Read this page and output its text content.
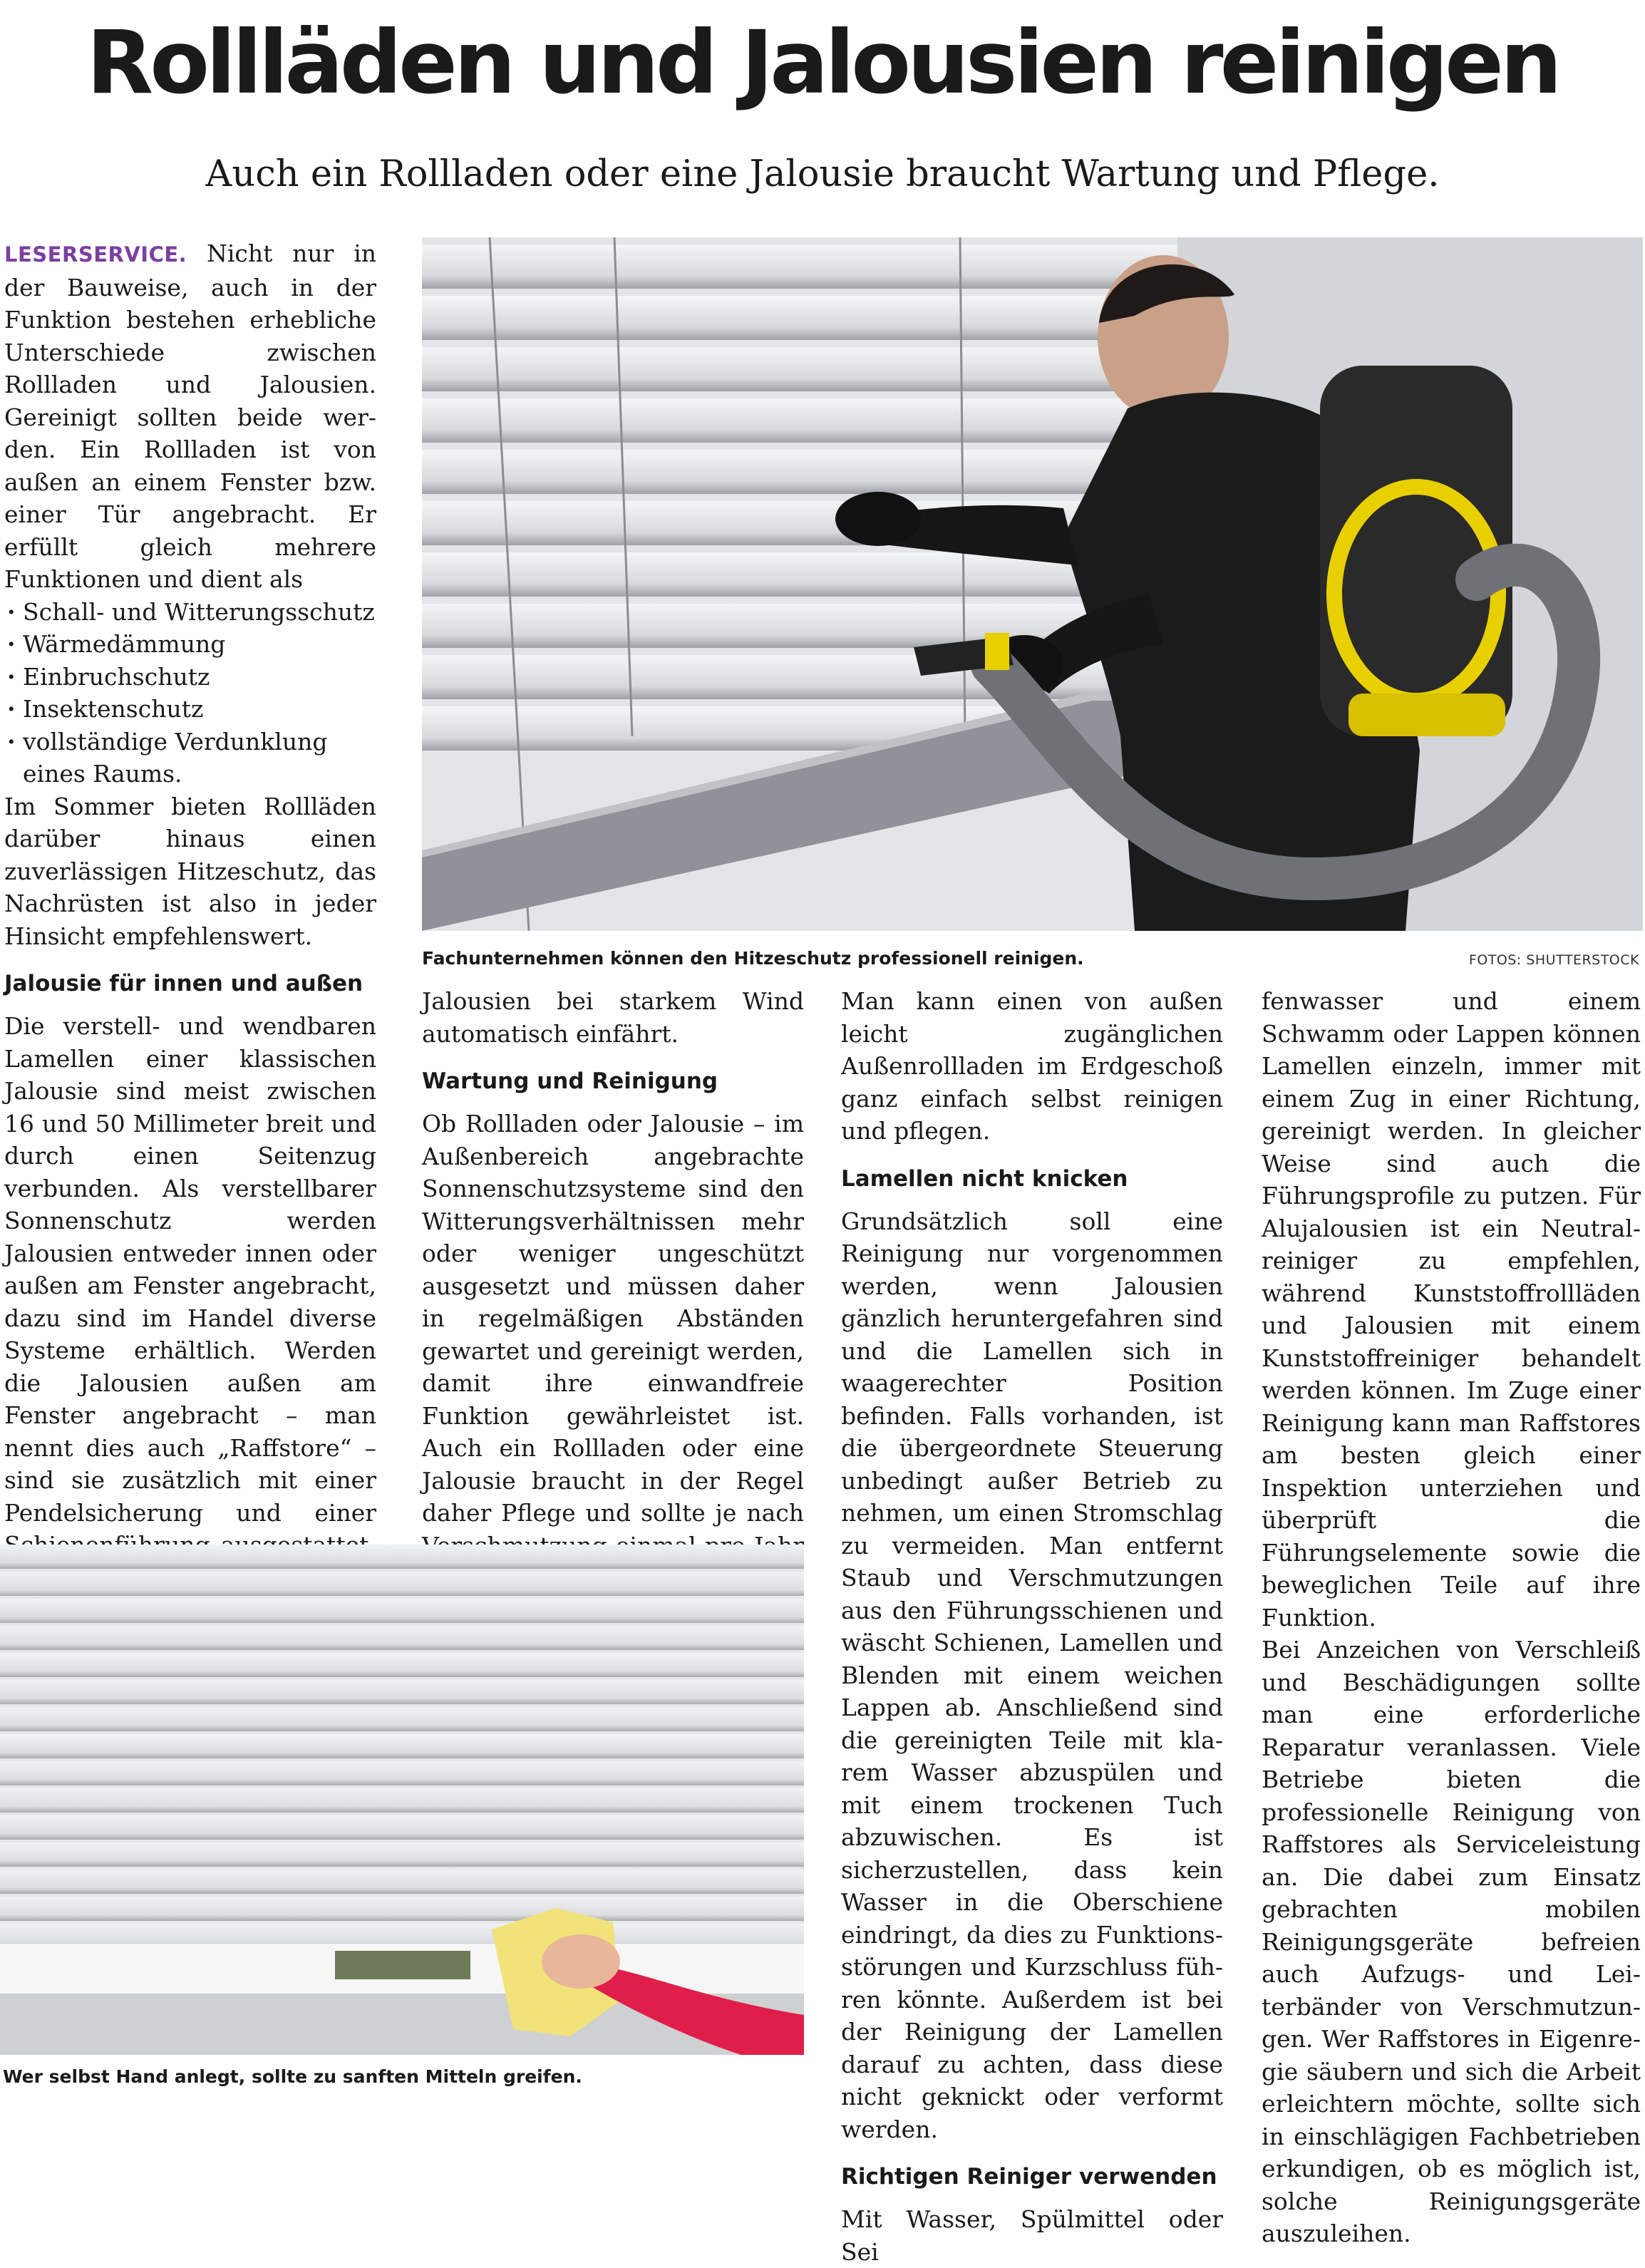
Rollläden und Jalousien reinigen
Auch ein Rollladen oder eine Jalousie braucht Wartung und Pflege.

LESERSERVICE. Nicht nur in der Bauweise, auch in der Funktion bestehen erhebliche Unterschiede zwischen Rollladen und Jalousien. Gereinigt sollten beide werden. Ein Rollladen ist von außen an einem Fenster bzw. einer Tür angebracht. Er erfüllt gleich mehrere Funktionen und dient als

· Schall- und Witterungsschutz
· Wärmedämmung
· Einbruchschutz
· Insektenschutz
· vollständige Verdunklung eines Raums.

Im Sommer bieten Rollläden darüber hinaus einen zuverlässigen Hitzeschutz, das Nachrüsten ist also in jeder Hinsicht empfehlenswert.

Jalousie für innen und außen

Die verstell- und wendbaren Lamellen einer klassischen Jalousie sind meist zwischen 16 und 50 Millimeter breit und durch einen Seitenzug verbunden. Als verstellbarer Sonnenschutz werden Jalousien entweder innen oder außen am Fenster angebracht, dazu sind im Handel diverse Systeme erhältlich. Werden die Jalousien außen am Fenster angebracht – man nennt dies auch „Raffstore“ – sind sie zusätzlich mit einer Pendelsicherung und einer

Fachunternehmen können den Hitzeschutz professionell reinigen.	FOTOS: SHUTTERSTOCK

Jalousien bei starkem Wind automatisch einfährt.

Wartung und Reinigung

Ob Rollladen oder Jalousie – im Außenbereich angebrachte Sonnenschutzsysteme sind den Witterungsverhältnissen mehr oder weniger ungeschützt ausgesetzt und müssen daher in regelmäßigen Abständen gewartet und gereinigt werden, damit ihre einwandfreie Funktion gewährleistet ist. Auch ein Rollladen oder eine Jalousie braucht in der Regel daher Pflege und sollte je nach

Man kann einen von außen leicht zugänglichen Außenrollladen im Erdgeschoß ganz einfach selbst reinigen und pflegen.

Lamellen nicht knicken

Grundsätzlich soll eine Reinigung nur vorgenommen werden, wenn Jalousien gänzlich heruntergefahren sind und die Lamellen sich in waagerechter Position befinden. Falls vorhanden, ist die übergeordnete Steuerung unbedingt außer Betrieb zu nehmen, um einen Stromschlag zu vermeiden. Man entfernt Staub und Verschmutzungen aus den Führungsschienen und wäscht Schienen, Lamellen und Blenden mit einem weichen Lappen ab. Anschließend sind die gereinigten Teile mit klarem Wasser abzuspülen und mit einem trockenen Tuch abzuwischen. Es ist sicherzustellen, dass kein Wasser in die Oberschiene eindringt, da dies zu Funktionsstörungen und Kurzschluss führen könnte. Außerdem ist bei der Reinigung der Lamellen darauf zu achten, dass diese nicht geknickt oder verformt werden.

Richtigen Reiniger verwenden

Mit Wasser, Spülmittel oder Sei

fenwasser und einem Schwamm oder Lappen können Lamellen einzeln, immer mit einem Zug in einer Richtung, gereinigt werden. In gleicher Weise sind auch die Führungsprofile zu putzen. Für Alujalousien ist ein Neutralreiniger zu empfehlen, während Kunststoffrollläden und Jalousien mit einem Kunststoffreiniger behandelt werden können. Im Zuge einer Reinigung kann man Raffstores am besten gleich einer Inspektion unterziehen und überprüft die Führungselemente sowie die beweglichen Teile auf ihre Funktion.

Bei Anzeichen von Verschleiß und Beschädigungen sollte man eine erforderliche Reparatur veranlassen. Viele Betriebe bieten die professionelle Reinigung von Raffstores als Serviceleistung an. Die dabei zum Einsatz gebrachten mobilen Reinigungsgeräte befreien auch Aufzugs- und Leiterbänder von Verschmutzungen. Wer Raffstores in Eigenregie säubern und sich die Arbeit erleichtern möchte, sollte sich in einschlägigen Fachbetrieben erkundigen, ob es möglich ist, solche Reinigungsgeräte auszuleihen.

Wer selbst Hand anlegt, sollte zu sanften Mitteln greifen.
